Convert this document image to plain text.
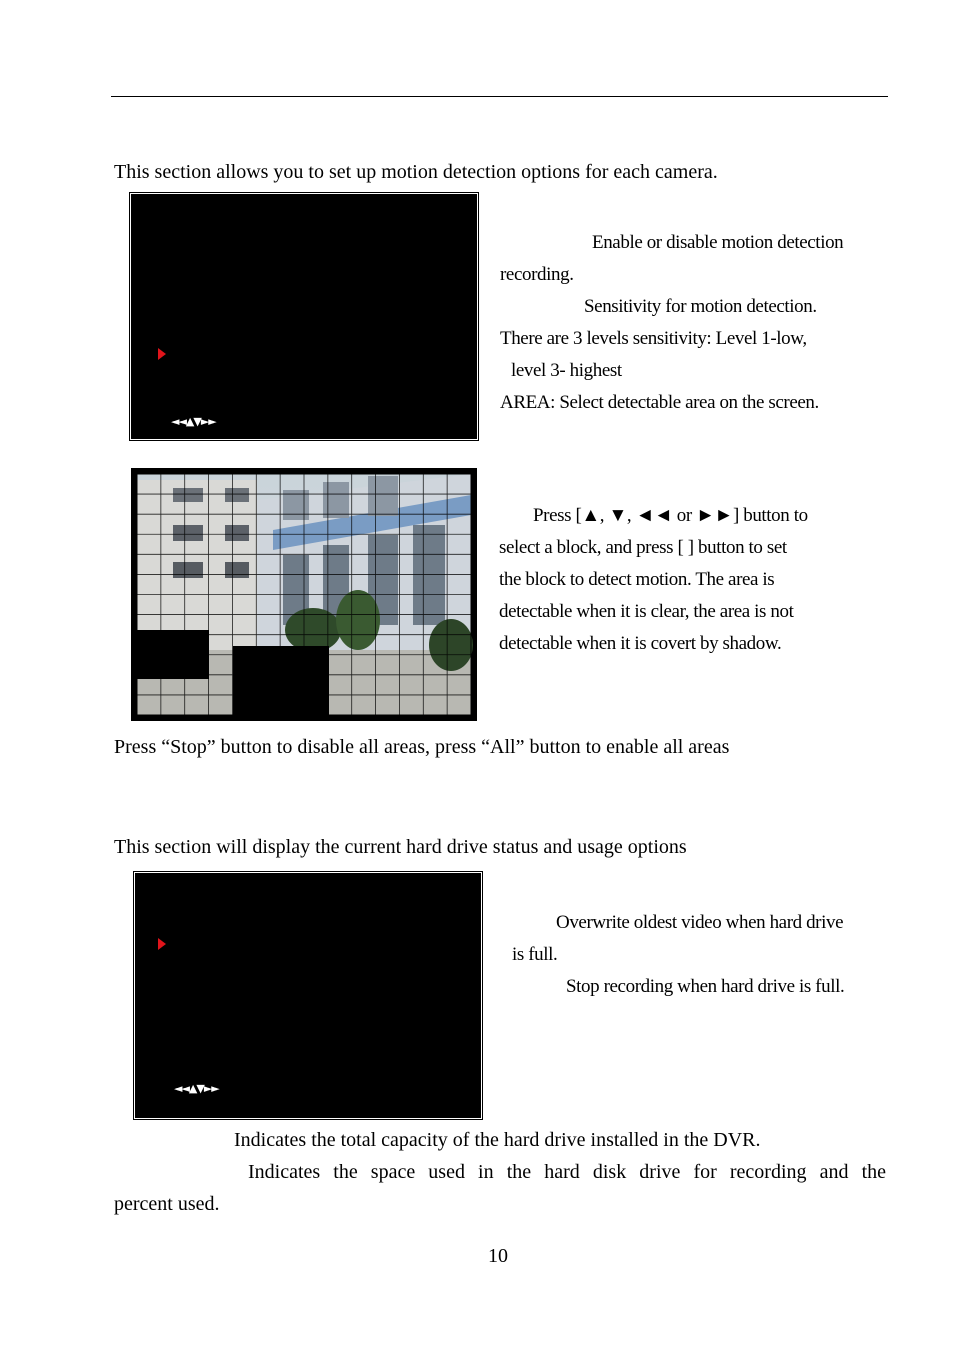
This section allows you to set up motion detection options for each camera.
◄◄▲▼►►
Enable or disable motion detection
recording.
Sensitivity for motion detection.
There are 3 levels sensitivity: Level 1-low,
level 3- highest
AREA: Select detectable area on the screen.
Press [▲, ▼, ◄◄ or ►►] button to
select a block, and press [ ] button to set
the block to detect motion. The area is
detectable when it is clear, the area is not
detectable when it is covert by shadow.
Press “Stop” button to disable all areas, press “All” button to enable all areas
This section will display the current hard drive status and usage options
◄◄▲▼►►
Overwrite oldest video when hard drive
is full.
Stop recording when hard drive is full.
Indicates the total capacity of the hard drive installed in the DVR.
Indicates the space used in the hard disk drive for recording and the
percent used.
10
